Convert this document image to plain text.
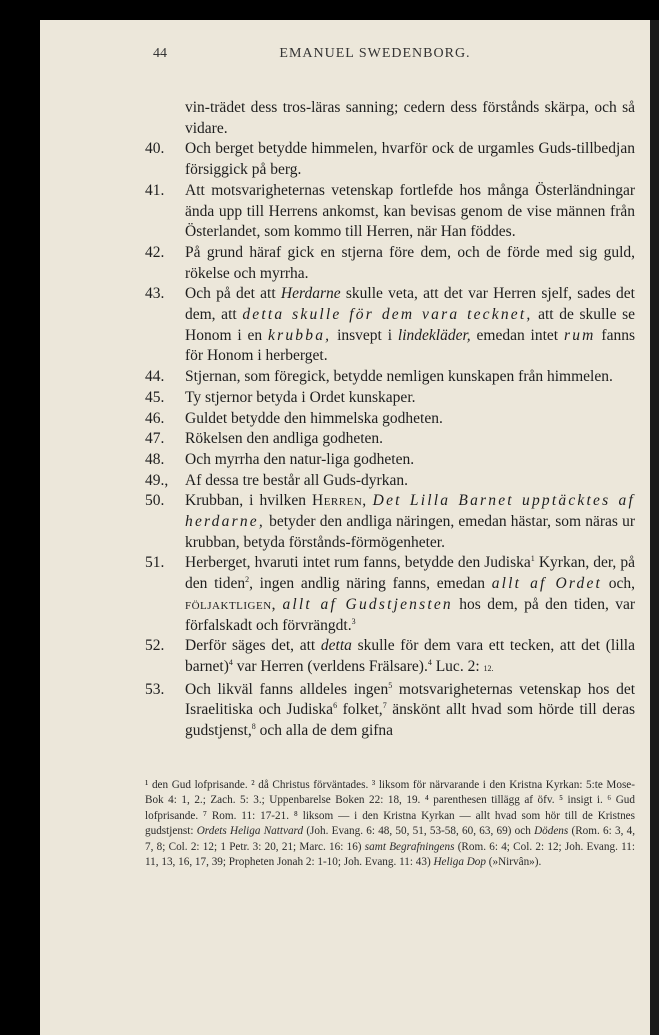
44	EMANUEL SWEDENBORG.
vin-trädet dess tros-läras sanning; cedern dess förstånds skärpa, och så vidare.
40. Och berget betydde himmelen, hvarför ock de urgamles Guds-tillbedjan försiggick på berg.
41. Att motsvarigheternas vetenskap fortlefde hos många Österländningar ända upp till Herrens ankomst, kan bevisas genom de vise männen från Österlandet, som kommo till Herren, när Han föddes.
42. På grund häraf gick en stjerna före dem, och de förde med sig guld, rökelse och myrrha.
43. Och på det att Herdarne skulle veta, att det var Herren sjelf, sades det dem, att detta skulle för dem vara tecknet, att de skulle se Honom i en krubba, insvept i lindekläder, emedan intet rum fanns för Honom i herberget.
44. Stjernan, som föregick, betydde nemligen kunskapen från himmelen.
45. Ty stjernor betyda i Ordet kunskaper.
46. Guldet betydde den himmelska godheten.
47. Rökelsen den andliga godheten.
48. Och myrrha den natur-liga godheten.
49., Af dessa tre består all Guds-dyrkan.
50. Krubban, i hvilken Herren, Det Lilla Barnet upptäcktes af herdarne, betyder den andliga näringen, emedan hästar, som näras ur krubban, betyda förstånds-förmögenheter.
51. Herberget, hvaruti intet rum fanns, betydde den Judiska$^1$ Kyrkan, der, på den tiden$^2$, ingen andlig näring fanns, emedan allt af Ordet och, följaktligen, allt af Gudstjensten hos dem, på den tiden, var förfalskadt och förvrängdt.$^3$
52. Derför säges det, att detta skulle för dem vara ett tecken, att det (lilla barnet)$^4$ var Herren (verldens Frälsare).$^4$ Luc. 2: 12.
53. Och likväl fanns alldeles ingen$^5$ motsvarigheternas vetenskap hos det Israelitiska och Judiska$^6$ folket,$^7$ änskönt allt hvad som hörde till deras gudstjenst,$^8$ och alla de dem gifna
¹ den Gud lofprisande. ² då Christus förväntades. ³ liksom för närvarande i den Kristna Kyrkan: 5:te Mose-Bok 4: 1, 2.; Zach. 5: 3.; Uppenbarelse Boken 22: 18, 19. ⁴ parenthesen tillägg af öfv. ⁵ insigt i. ⁶ Gud lofprisande. ⁷ Rom. 11: 17-21. ⁸ liksom — i den Kristna Kyrkan — allt hvad som hör till de Kristnes gudstjenst: Ordets Heliga Nattvard (Joh. Evang. 6: 48, 50, 51, 53-58, 60, 63, 69) och Dödens (Rom. 6: 3, 4, 7, 8; Col. 2: 12; 1 Petr. 3: 20, 21; Marc. 16: 16) samt Begrafningens (Rom. 6: 4; Col. 2: 12; Joh. Evang. 11: 11, 13, 16, 17, 39; Propheten Jonah 2: 1-10; Joh. Evang. 11: 43) Heliga Dop (»Nirvân»).
